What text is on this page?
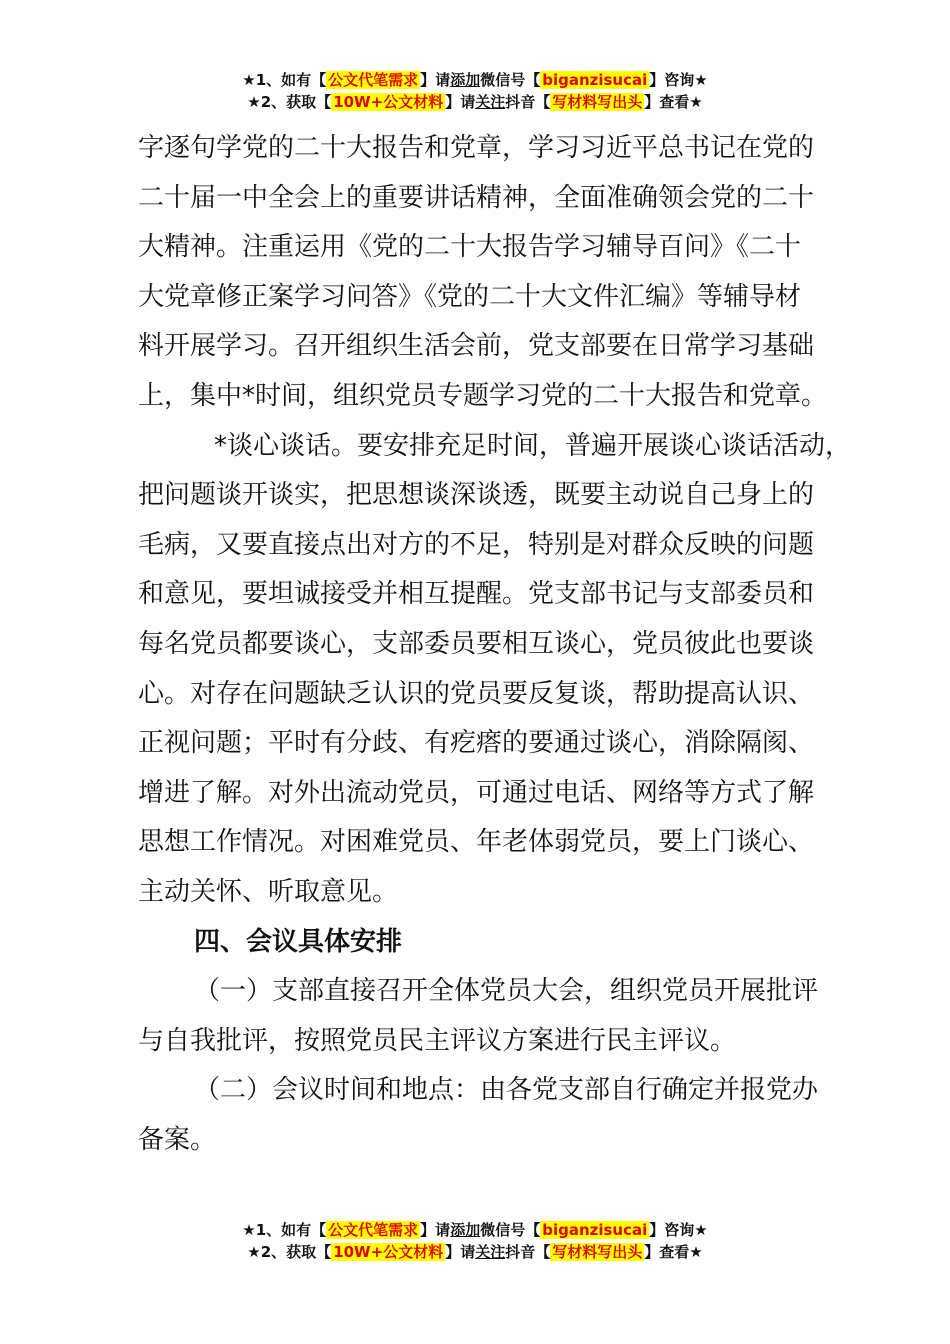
★1、如有【 公文代笔需求 】请添加微信号【 biganzisucai 】咨询★
★2、获取【 10W+公文材料 】请关注抖音【 写材料写出头 】查看★

字逐句学党的二十大报告和党章，学习习近平总书记在党的

二十届一中全会上的重要讲话精神，全面准确领会党的二十

大精神。注重运用《党的二十大报告学习辅导百问》《二十

大党章修正案学习问答》《党的二十大文件汇编》等辅导材

料开展学习。召开组织生活会前，党支部要在日常学习基础

上，集中*时间，组织党员专题学习党的二十大报告和党章。

*谈心谈话。要安排充足时间，普遍开展谈心谈话活动，

把问题谈开谈实，把思想谈深谈透，既要主动说自己身上的

毛病，又要直接点出对方的不足，特别是对群众反映的问题

和意见，要坦诚接受并相互提醒。党支部书记与支部委员和

每名党员都要谈心，支部委员要相互谈心，党员彼此也要谈

心。对存在问题缺乏认识的党员要反复谈，帮助提高认识、

正视问题；平时有分歧、有疙瘩的要通过谈心，消除隔阂、

增进了解。对外出流动党员，可通过电话、网络等方式了解

思想工作情况。对困难党员、年老体弱党员，要上门谈心、

主动关怀、听取意见。

四、会议具体安排

（一）支部直接召开全体党员大会，组织党员开展批评

与自我批评，按照党员民主评议方案进行民主评议。

（二）会议时间和地点：由各党支部自行确定并报党办

备案。

★1、如有【 公文代笔需求 】请添加微信号【 biganzisucai 】咨询★
★2、获取【 10W+公文材料 】请关注抖音【 写材料写出头 】查看★
